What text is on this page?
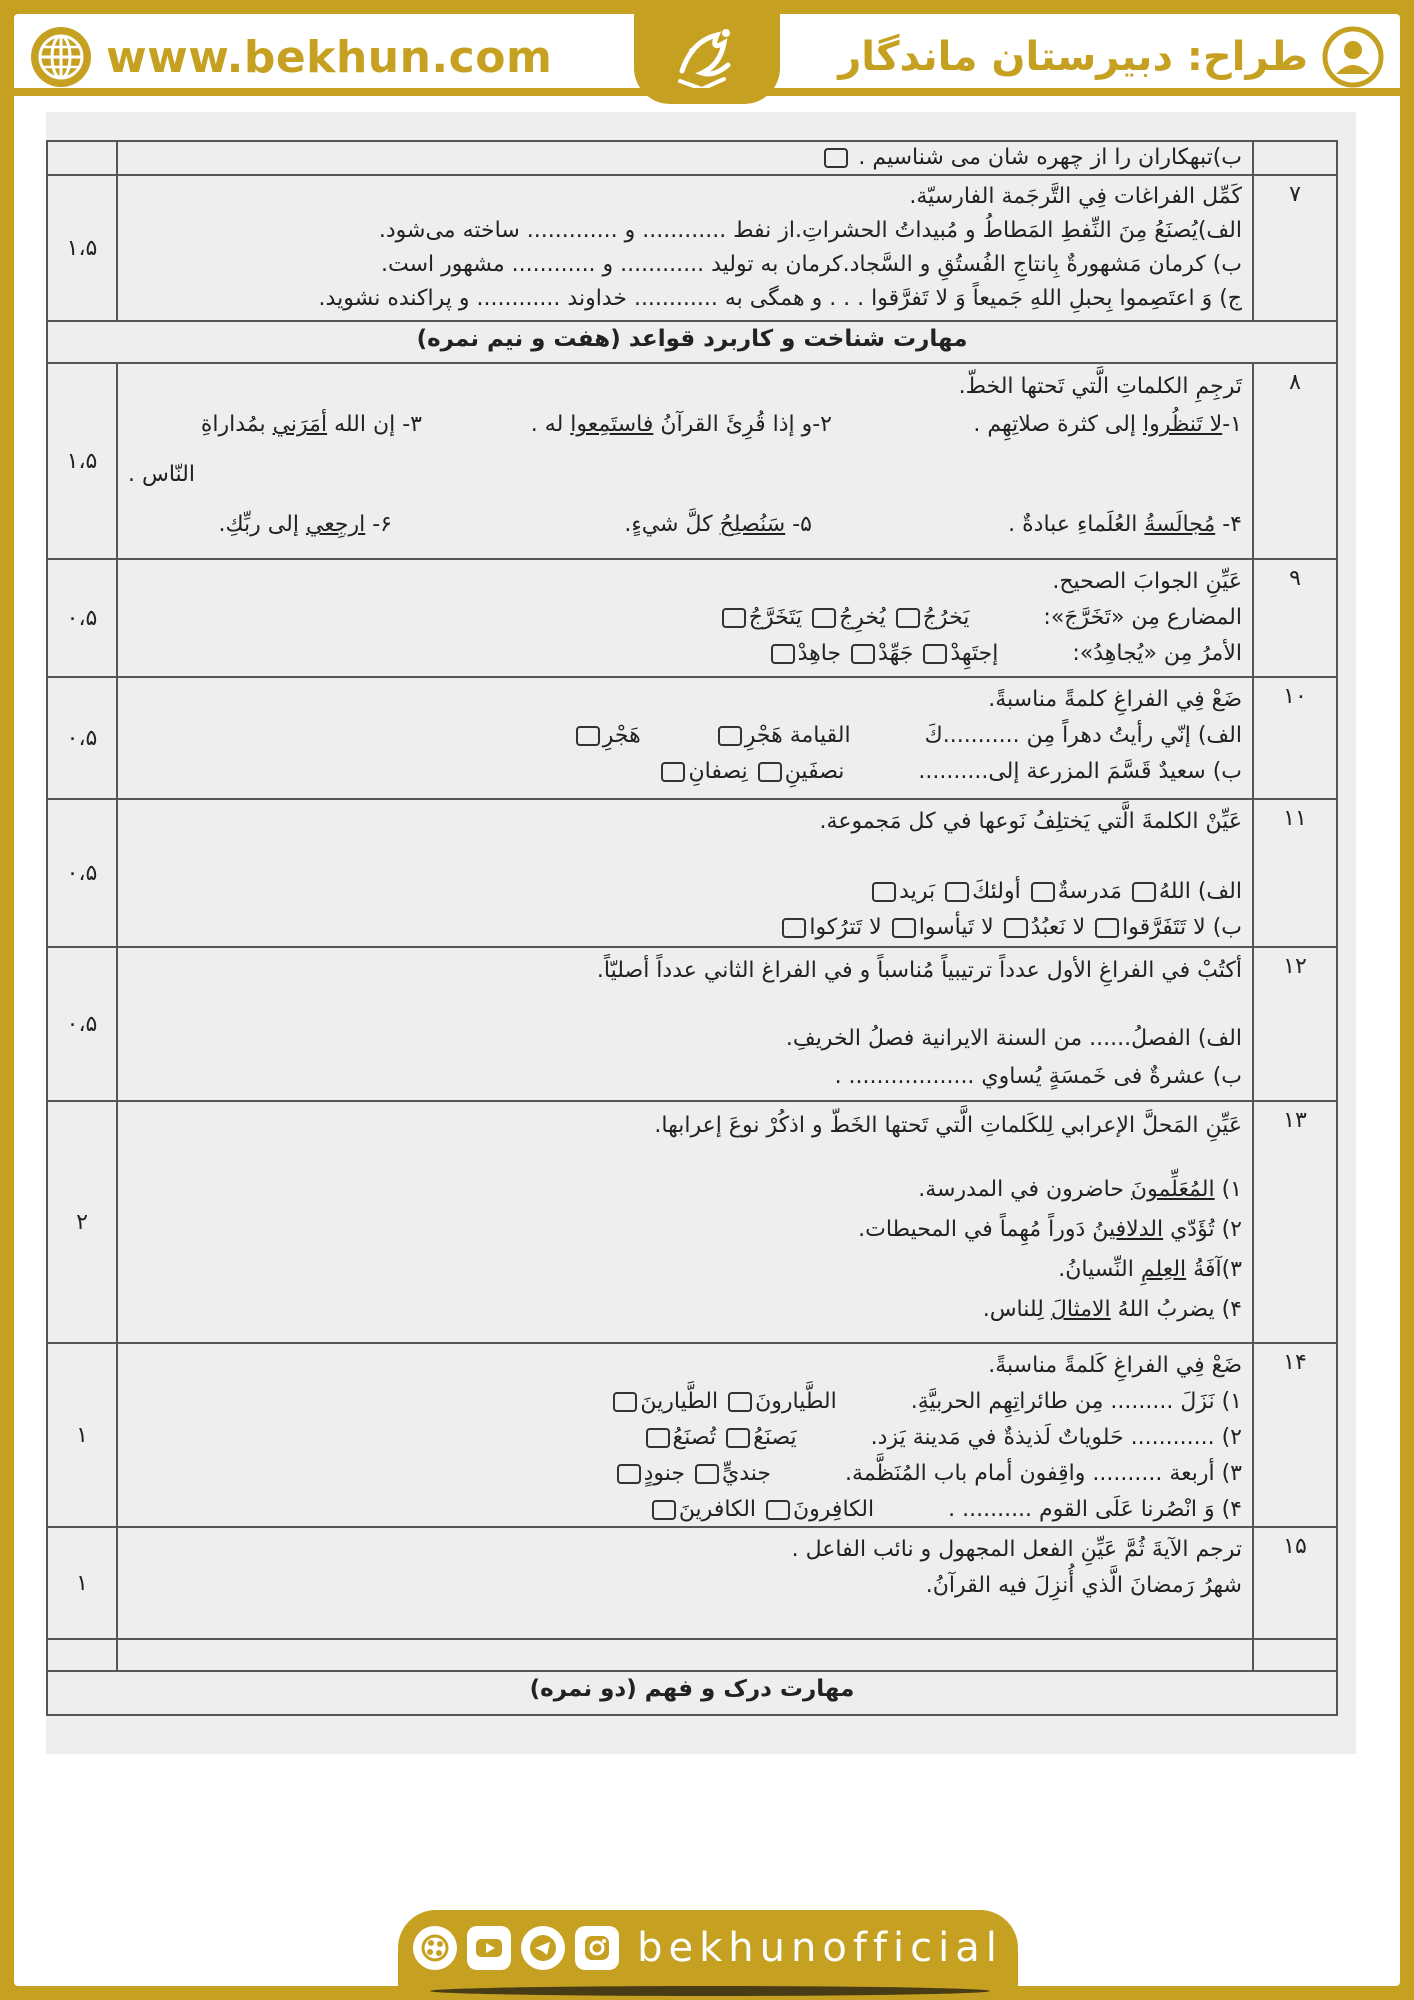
www.bekhun.com	طراح: دبیرستان ماندگار
ب)تبهکاران را از چهره شان می شناسیم .
۷
کَمِّل الفراغات فِي التَّرجَمة الفارسيّة.
الف)يُصنَعُ مِنَ النِّفطِ المَطاطُ و مُبيداتُ الحشراتِ.از نفط ............ و ............. ساخته می‌شود.
ب) كرمان مَشهورةٌ بِانتاجِ الفُستُقِ و السَّجاد.كرمان به توليد ............ و ............ مشهور است.
ج) وَ اعتَصِموا بِحبلِ اللهِ جَميعاً وَ لا تَفرَّقوا . . . و همگی به ............ خداوند ............ و پراکنده نشوید.
۱،۵
مهارت شناخت و کاربرد قواعد (هفت و نیم نمره)
۸
تَرجِمِ الكلماتِ الَّتي تَحتها الخطّ.
۱-لا تَنظُروا إلى كثرة صلاتِهِم .
۲-و إذا قُرِئَ القرآنُ فاستَمِعوا له .
۳- إن الله أمَرَني بمُداراةِ
النّاس .
۴- مُجالَسةُ العُلَماءِ عبادةٌ .
۵- سَنُصلِحُ كلَّ شيءٍ.
۶- ارجِعي إلى ربِّكِ.
۱،۵
۹
عَيِّنِ الجوابَ الصحيح.
المضارع مِن «تَخَرَّجَ»:  يَخرُجُ يُخرِجُ يَتَخَرَّجُ
الأمرُ مِن «يُجاهِدُ»:  إجتَهِدْ جَهِّدْ جاهِدْ
۰،۵
۱۰
ضَعْ فِي الفراغِ كلمةً مناسبةً.
الف) إنّي رأيتُ دهراً مِن ...........كَ  القيامة هَجْرِ  هَجْرِ
ب) سعيدٌ قَسَّمَ المزرعة إلى..........  نصفَينِ نِصفانِ
۰،۵
۱۱
عَيِّنْ الكلمةَ الَّتي يَختلِفُ نَوعها في كل مَجموعة.
الف) اللهُ مَدرسةٌ أولئكَ بَريد
ب) لا تَتَفَرَّقوا لا نَعبُدُ لا تَيأسوا لا تَترُكوا
۰،۵
۱۲
أكتُبْ في الفراغِ الأول عدداً ترتيبياً مُناسباً و في الفراغ الثاني عدداً أصليّاً.
الف) الفصلُ...... من السنة الايرانية فصلُ الخريفِ.
ب) عشرةٌ فی خَمسَةٍ يُساوي .................. .
۰،۵
۱۳
عَيِّنِ المَحلَّ الإعرابي لِلكَلماتِ الَّتي تَحتها الخَطّ و اذكُرْ نوعَ إعرابها.
۱) المُعَلِّمونَ حاضرون في المدرسة.
۲) تُؤَدّي الدلافينُ دَوراً مُهِماً في المحيطات.
۳)آفَةُ العِلمِ النِّسيانُ.
۴) يضربُ اللهُ الامثالَ لِلناس.
۲
۱۴
ضَعْ فِي الفراغِ كَلمةً مناسبةً.
۱) نَزَلَ ......... مِن طائراتِهِم الحربيَّةِ.  الطَّيارونَ الطَّيارينَ
۲) ............ حَلوياتٌ لَذيذةٌ في مَدينة يَزد.  يَصنَعُ تُصنَعُ
۳) أربعة .......... واقِفون أمام باب المُنَظَّمة.  جنديٍّ جنودٍ
۴) وَ انْصُرنا عَلَى القوم .......... .  الكافِرونَ الكافرينَ
۱
۱۵
ترجم الآيةَ ثُمَّ عَيِّنِ الفعل المجهول و نائب الفاعل .
شهرُ رَمضانَ الَّذي أُنزِلَ فيه القرآنُ.
۱
مهارت درک و فهم (دو نمره)
bekhunofficial
